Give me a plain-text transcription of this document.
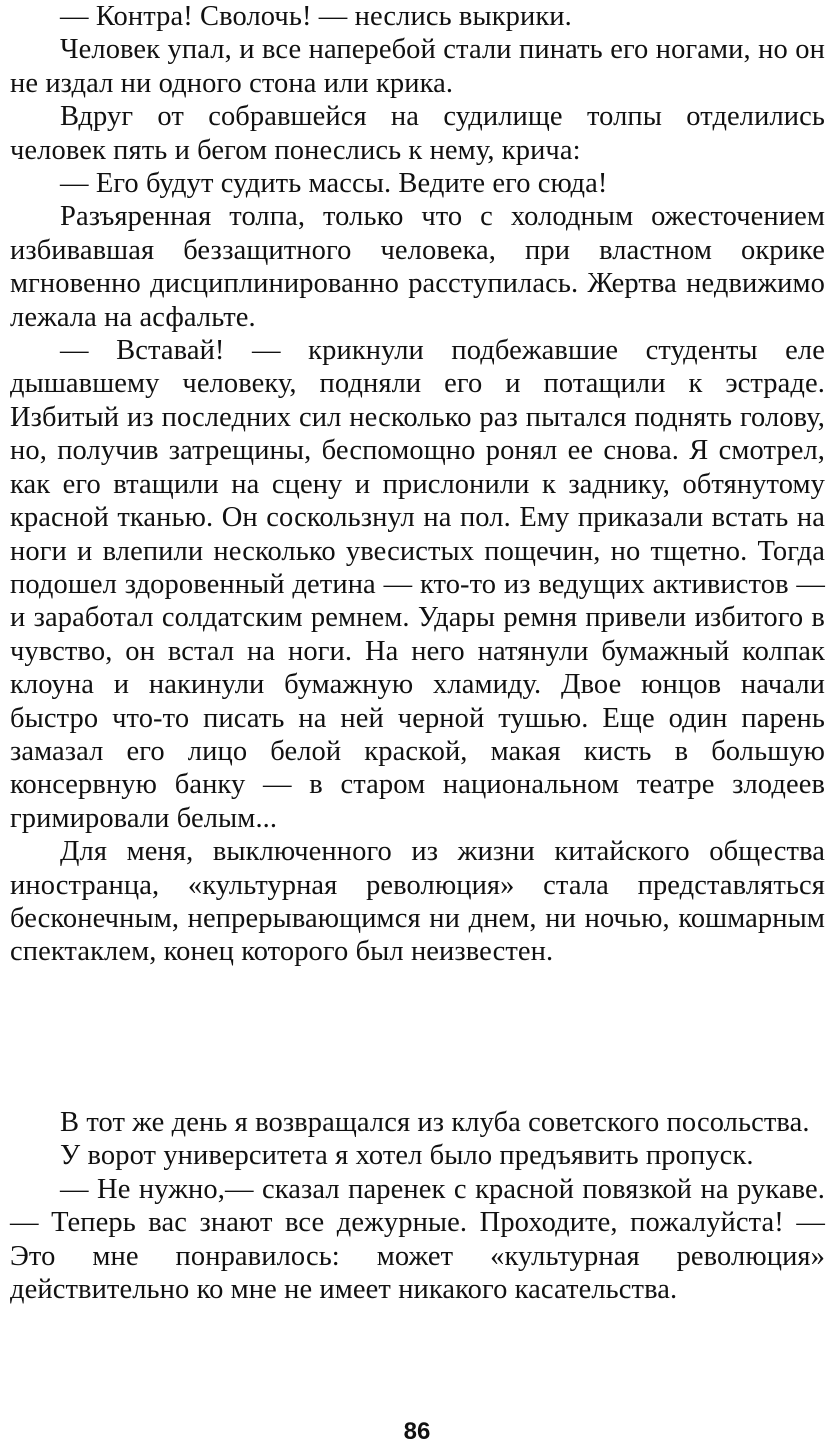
— Контра! Сволочь! — неслись выкрики.

Человек упал, и все наперебой стали пинать его ногами, но он не издал ни одного стона или крика.

Вдруг от собравшейся на судилище толпы отделились человек пять и бегом понеслись к нему, крича:

— Его будут судить массы. Ведите его сюда!

Разъяренная толпа, только что с холодным ожесточением избивавшая беззащитного человека, при властном окрике мгновенно дисциплинированно расступилась. Жертва недвижимо лежала на асфальте.

— Вставай! — крикнули подбежавшие студенты еле дышавшему человеку, подняли его и потащили к эстраде. Избитый из последних сил несколько раз пытался поднять голову, но, получив затрещины, беспомощно ронял ее снова. Я смотрел, как его втащили на сцену и прислонили к заднику, обтянутому красной тканью. Он соскользнул на пол. Ему приказали встать на ноги и влепили несколько увесистых пощечин, но тщетно. Тогда подошел здоровенный детина — кто-то из ведущих активистов — и заработал солдатским ремнем. Удары ремня привели избитого в чувство, он встал на ноги. На него натянули бумажный колпак клоуна и накинули бумажную хламиду. Двое юнцов начали быстро что-то писать на ней черной тушью. Еще один парень замазал его лицо белой краской, макая кисть в большую консервную банку — в старом национальном театре злодеев гримировали белым...

Для меня, выключенного из жизни китайского общества иностранца, «культурная революция» стала представляться бесконечным, непрерывающимся ни днем, ни ночью, кошмарным спектаклем, конец которого был неизвестен.

В тот же день я возвращался из клуба советского посольства.

У ворот университета я хотел было предъявить пропуск.

— Не нужно,— сказал паренек с красной повязкой на рукаве.— Теперь вас знают все дежурные. Проходите, пожалуйста! — Это мне понравилось: может «культурная революция» действительно ко мне не имеет никакого касательства.

86
